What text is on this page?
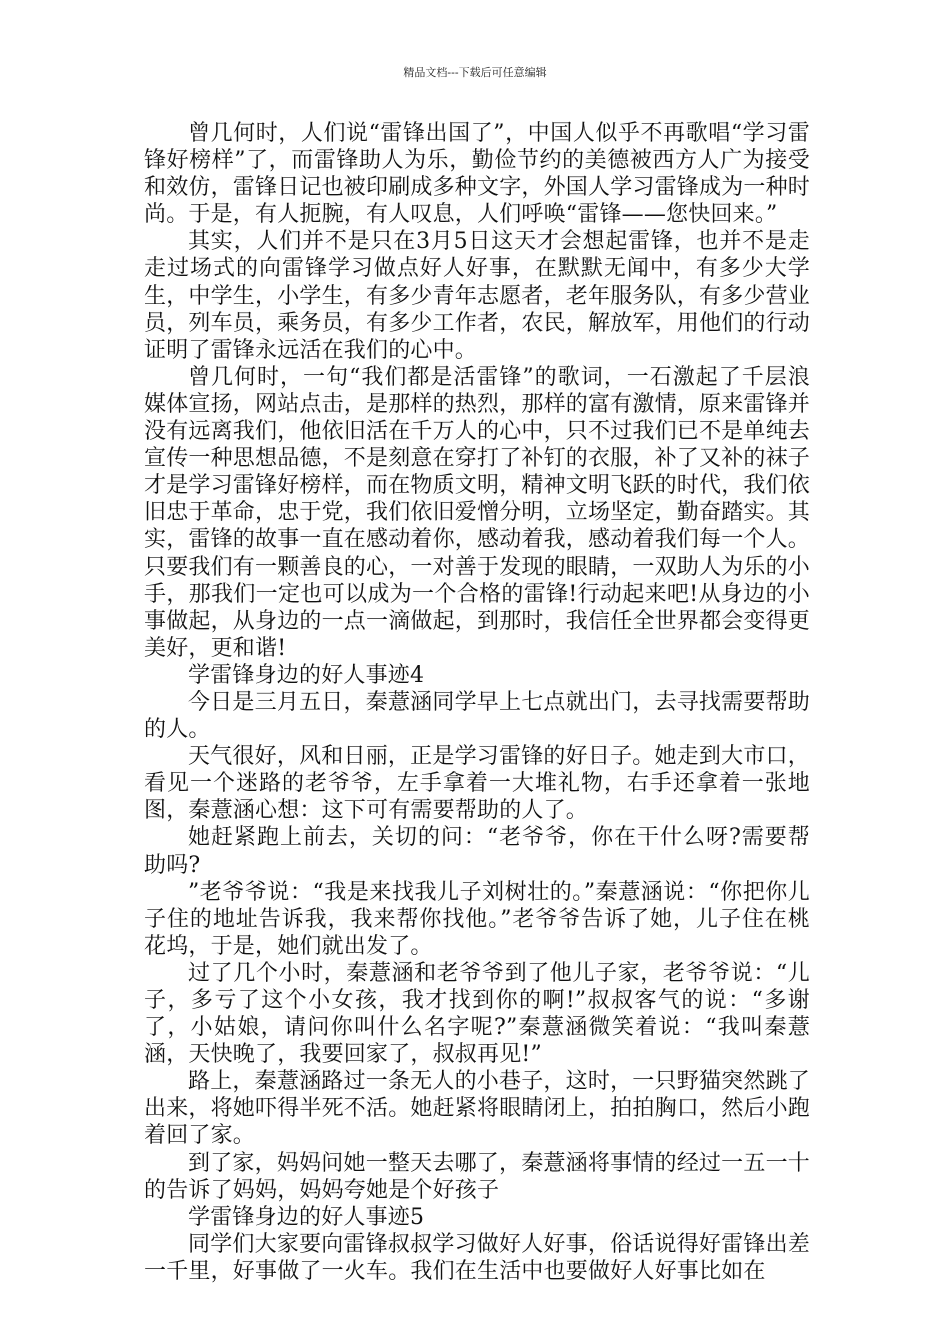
精品文档---下载后可任意编辑

曾几何时，人们说“雷锋出国了”，中国人似乎不再歌唱“学习雷锋好榜样”了，而雷锋助人为乐，勤俭节约的美德被西方人广为接受和效仿，雷锋日记也被印刷成多种文字，外国人学习雷锋成为一种时尚。于是，有人扼腕，有人叹息，人们呼唤“雷锋——您快回来。”

其实，人们并不是只在3月5日这天才会想起雷锋，也并不是走走过场式的向雷锋学习做点好人好事，在默默无闻中，有多少大学生，中学生，小学生，有多少青年志愿者，老年服务队，有多少营业员，列车员，乘务员，有多少工作者，农民，解放军，用他们的行动证明了雷锋永远活在我们的心中。

曾几何时，一句“我们都是活雷锋”的歌词，一石激起了千层浪媒体宣扬，网站点击，是那样的热烈，那样的富有激情，原来雷锋并没有远离我们，他依旧活在千万人的心中，只不过我们已不是单纯去宣传一种思想品德，不是刻意在穿打了补钉的衣服，补了又补的袜子才是学习雷锋好榜样，而在物质文明，精神文明飞跃的时代，我们依旧忠于革命，忠于党，我们依旧爱憎分明，立场坚定，勤奋踏实。其实，雷锋的故事一直在感动着你，感动着我，感动着我们每一个人。只要我们有一颗善良的心，一对善于发现的眼睛，一双助人为乐的小手，那我们一定也可以成为一个合格的雷锋!行动起来吧!从身边的小事做起，从身边的一点一滴做起，到那时，我信任全世界都会变得更美好，更和谐!

学雷锋身边的好人事迹4

今日是三月五日，秦薏涵同学早上七点就出门，去寻找需要帮助的人。

天气很好，风和日丽，正是学习雷锋的好日子。她走到大市口，看见一个迷路的老爷爷，左手拿着一大堆礼物，右手还拿着一张地图，秦薏涵心想：这下可有需要帮助的人了。

她赶紧跑上前去，关切的问：“老爷爷，你在干什么呀?需要帮助吗?

”老爷爷说：“我是来找我儿子刘树壮的。”秦薏涵说：“你把你儿子住的地址告诉我，我来帮你找他。”老爷爷告诉了她，儿子住在桃花坞，于是，她们就出发了。

过了几个小时，秦薏涵和老爷爷到了他儿子家，老爷爷说：“儿子，多亏了这个小女孩，我才找到你的啊!”叔叔客气的说：“多谢了，小姑娘，请问你叫什么名字呢?”秦薏涵微笑着说：“我叫秦薏涵，天快晚了，我要回家了，叔叔再见!”

路上，秦薏涵路过一条无人的小巷子，这时，一只野猫突然跳了出来，将她吓得半死不活。她赶紧将眼睛闭上，拍拍胸口，然后小跑着回了家。

到了家，妈妈问她一整天去哪了，秦薏涵将事情的经过一五一十的告诉了妈妈，妈妈夸她是个好孩子

学雷锋身边的好人事迹5

同学们大家要向雷锋叔叔学习做好人好事，俗话说得好雷锋出差一千里，好事做了一火车。我们在生活中也要做好人好事比如在
